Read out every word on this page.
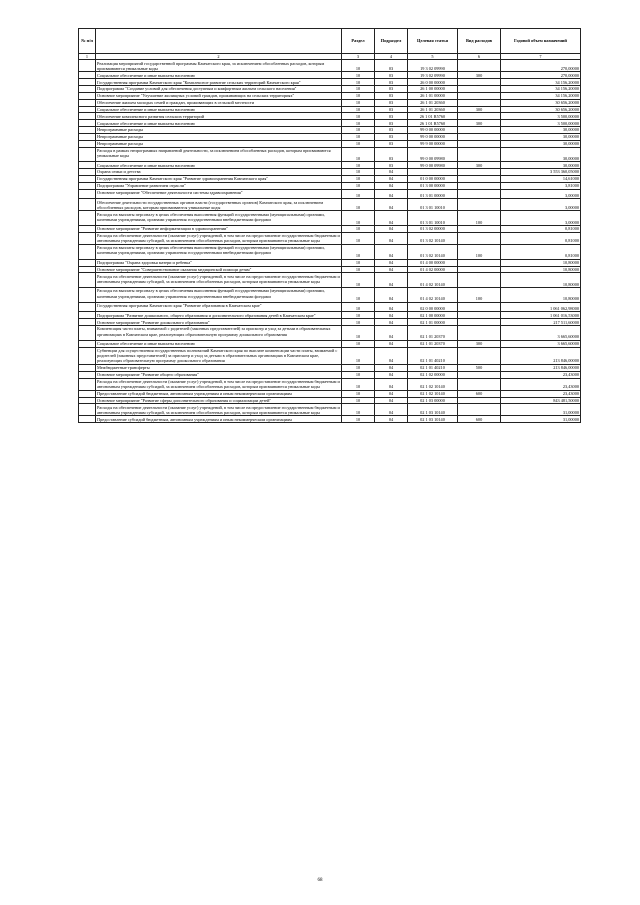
№ п/п		Раздел	Подраздел	Целевая статья	Вид расходов	Годовой объем назначений
1	2	3	4	5	6	7
	Реализация мероприятий государственной программы Камчатского края, за исключением обособленных расходов, которым присваиваются уникальные коды	10	03	19 3 02 09990		270,00000
	Социальное обеспечение и иные выплаты населению	10	03	19 3 02 09990	300	270,00000
	Государственная программа Камчатского края "Комплексное развитие сельских территорий Камчатского края"	10	03	26 0 00 00000		34 156,20000
	Подпрограмма "Создание условий для обеспечения доступным и комфортным жильем сельского населения"	10	03	26 1 00 00000		34 156,20000
	Основное мероприятие "Улучшение жилищных условий граждан, проживающих на сельских территориях"	10	03	26 1 01 00000		34 156,20000
	Обеспечение жильем молодых семей и граждан, проживающих в сельской местности	10	03	26 1 01 20360		30 656,20000
	Социальное обеспечение и иные выплаты населению	10	03	26 1 01 20360	300	30 656,20000
	Обеспечение комплексного развития сельских территорий	10	03	26 1 01 R5760		3 500,00000
	Социальное обеспечение и иные выплаты населению	10	03	26 1 01 R5760	300	3 500,00000
	Непрограммные расходы	10	03	99 0 00 00000		30,00000
	Непрограммные расходы	10	03	99 0 00 00000		30,00000
	Непрограммные расходы	10	03	99 9 00 00000		30,00000
	Расходы в рамках непрограммых направлений деятельности, за исключением обособленных расходов, которым присваиваются уникальные коды	10	03	99 0 00 09980		30,00000
	Социальное обеспечение и иные выплаты населению	10	03	99 0 00 09980	300	30,00000
	Охрана семьи и детства	10	04			3 553 360,05000
	Государственная программа Камчатского края "Развитие здравоохранения Камчатского края"	10	04	01 0 00 00000		14,61000
	Подпрограмма "Управление развитием отрасли"	10	04	01 3 00 00000		3,81000
	Основное мероприятие "Обеспечение деятельности системы здравоохранения"	10	04	01 3 01 00000		3,00000
	Обеспечение деятельности государственных органов власти (государственных органов) Камчатского края, за исключением обособленных расходов, которым присваиваются уникальные коды	10	04	01 3 01 10010		3,00000
	Расходы на выплаты персоналу в целях обеспечения выполнения функций государственными (муниципальными) органами, казенными учреждениями, органами управления государственными внебюджетными фондами	10	04	01 3 01 10010	100	3,00000
	Основное мероприятие "Развитие информатизации в здравоохранении"	10	04	01 3 02 00000		0,81000
	Расходы на обеспечение деятельности (оказание услуг) учреждений, в том числе на предоставление государственным бюджетным и автономным учреждениям субсидий, за исключением обособленных расходов, которым присваиваются уникальные коды	10	04	01 3 02 10140		0,81000
	Расходы на выплаты персоналу в целях обеспечения выполнения функций государственными (муниципальными) органами, казенными учреждениями, органами управления государственными внебюджетными фондами	10	04	01 3 02 10140	100	0,81000
	Подпрограмма "Охрана здоровья матери и ребенка"	10	04	01 4 00 00000		10,80000
	Основное мероприятие "Совершенствование оказания медицинской помощи детям"	10	04	01 4 02 00000		10,80000
	Расходы на обеспечение деятельности (оказание услуг) учреждений, в том числе на предоставление государственным бюджетным и автономным учреждениям субсидий, за исключением обособленных расходов, которым присваиваются уникальные коды	10	04	01 4 02 10140		10,80000
	Расходы на выплаты персоналу в целях обеспечения выполнения функций государственными (муниципальными) органами, казенными учреждениями, органами управления государственными внебюджетными фондами	10	04	01 4 02 10140	100	10,80000
	Государственная программа Камчатского края "Развитие образования в Камчатском крае"	10	04	02 0 00 00000		1 061 062,98000
	Подпрограмма "Развитие дошкольного, общего образования и дополнительного образования детей в Камчатском крае"	10	04	02 1 00 00000		1 061 016,53000
	Основное мероприятие "Развитие дошкольного образования"	10	04	02 1 01 00000		217 511,60000
	Компенсация части платы, взимаемой с родителей (законных представителей) за присмотр и уход за детьми в образовательных организациях в Камчатском крае, реализующих образовательную программу дошкольного образования	10	04	02 1 01 20370		3 665,60000
	Социальное обеспечение и иные выплаты населению	10	04	02 1 01 20370	300	3 665,60000
	Субвенции для осуществления государственных полномочий Камчатского края по выплате компенсации части платы, взимаемой с родителей (законных представителей) за присмотр и уход за детьми в образовательных организациях в Камчатском крае, реализующих образовательную программу дошкольного образования	10	04	02 1 01 40210		213 846,00000
	Межбюджетные трансферты	10	04	02 1 01 40210	500	213 846,00000
	Основное мероприятие "Развитие общего образования"	10	04	02 1 02 00000		23,43000
	Расходы на обеспечение деятельности (оказание услуг) учреждений, в том числе на предоставление государственным бюджетным и автономным учреждениям субсидий, за исключением обособленных расходов, которым присваиваются уникальные коды	10	04	02 1 02 10140		23,43000
	Предоставление субсидий бюджетным, автономным учреждениям и иным некоммерческим организациям	10	04	02 1 02 10140	600	23,43000
	Основное мероприятие "Развитие сферы дополнительного образования и социализации детей"	10	04	02 1 03 00000		843 481,50000
	Расходы на обеспечение деятельности (оказание услуг) учреждений, в том числе на предоставление государственным бюджетным и автономным учреждениям субсидий, за исключением обособленных расходов, которым присваиваются уникальные коды	10	04	02 1 03 10140		31,00000
	Предоставление субсидий бюджетным, автономным учреждениям и иным некоммерческим организациям	10	04	02 1 03 10140	600	31,00000
68
